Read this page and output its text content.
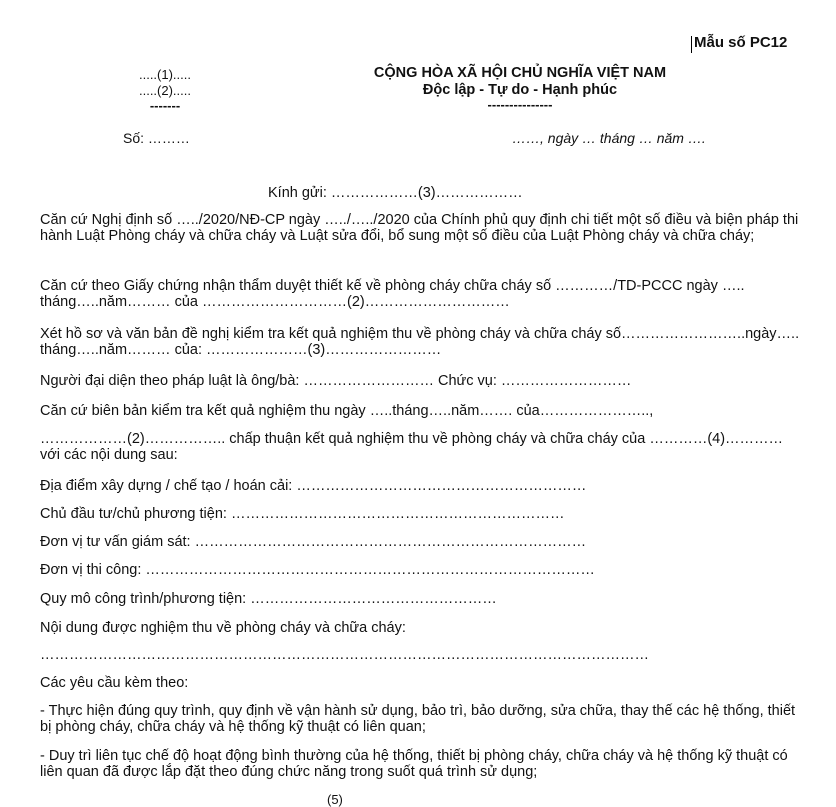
Mẫu số PC12
.....(1).....
.....(2).....
-------
CỘNG HÒA XÃ HỘI CHỦ NGHĨA VIỆT NAM
Độc lập - Tự do - Hạnh phúc
---------------
Số: ………	……, ngày … tháng … năm ….
Kính gửi: ………………(3)………………

Căn cứ Nghị định số …../2020/NĐ-CP ngày …../…../2020 của Chính phủ quy định chi tiết một số điều và biện pháp thi hành Luật Phòng cháy và chữa cháy và Luật sửa đổi, bổ sung một số điều của Luật Phòng cháy và chữa cháy;

Căn cứ theo Giấy chứng nhận thẩm duyệt thiết kế về phòng cháy chữa cháy số …………/TD-PCCC ngày ….. tháng…..năm……… của …………………………(2)…………………………

Xét hồ sơ và văn bản đề nghị kiểm tra kết quả nghiệm thu về phòng cháy và chữa cháy số……………………..ngày….. tháng…..năm……… của: …………………(3)……………………

Người đại diện theo pháp luật là ông/bà: ……………………… Chức vụ: ………………………

Căn cứ biên bản kiểm tra kết quả nghiệm thu ngày …..tháng…..năm……. của…………………..,

………………(2)…………….. chấp thuận kết quả nghiệm thu về phòng cháy và chữa cháy của …………(4)………… với các nội dung sau:

Địa điểm xây dựng / chế tạo / hoán cải: ……………………………………………………

Chủ đầu tư/chủ phương tiện: ……………………………………………………………

Đơn vị tư vấn giám sát: ………………………………………………………………………

Đơn vị thi công: …………………………………………………………………………………

Quy mô công trình/phương tiện: ……………………………………………

Nội dung được nghiệm thu về phòng cháy và chữa cháy:

………………………………………………………………………………………………………………

Các yêu cầu kèm theo:

- Thực hiện đúng quy trình, quy định về vận hành sử dụng, bảo trì, bảo dưỡng, sửa chữa, thay thế các hệ thống, thiết bị phòng cháy, chữa cháy và hệ thống kỹ thuật có liên quan;

- Duy trì liên tục chế độ hoạt động bình thường của hệ thống, thiết bị phòng cháy, chữa cháy và hệ thống kỹ thuật có liên quan đã được lắp đặt theo đúng chức năng trong suốt quá trình sử dụng;

(5)
